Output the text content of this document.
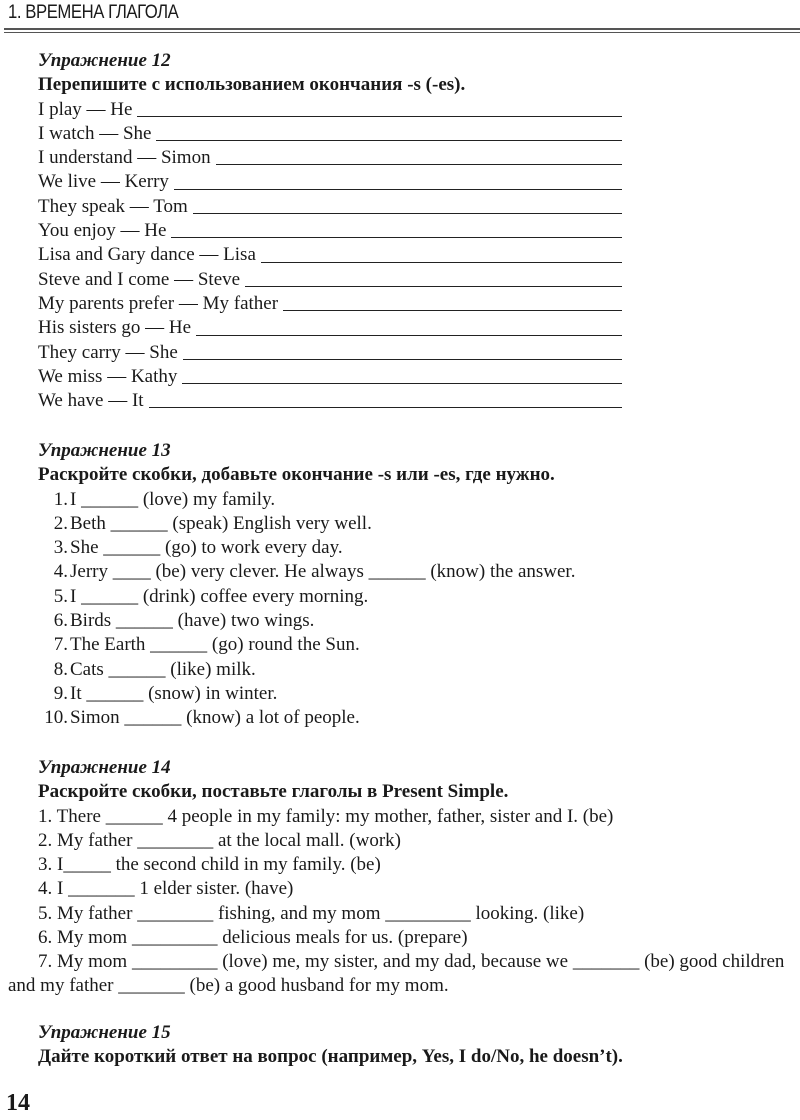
1. ВРЕМЕНА ГЛАГОЛА
Упражнение 12
Перепишите с использованием окончания -s (-es).
I play — He
I watch — She
I understand — Simon
We live — Kerry
They speak — Tom
You enjoy — He
Lisa and Gary dance — Lisa
Steve and I come — Steve
My parents prefer — My father
His sisters go — He
They carry — She
We miss — Kathy
We have — It
Упражнение 13
Раскройте скобки, добавьте окончание -s или -es, где нужно.
1. I ______ (love) my family.
2. Beth ______ (speak) English very well.
3. She ______ (go) to work every day.
4. Jerry ____ (be) very clever. He always ______ (know) the answer.
5. I ______ (drink) coffee every morning.
6. Birds ______ (have) two wings.
7. The Earth ______ (go) round the Sun.
8. Cats ______ (like) milk.
9. It ______ (snow) in winter.
10. Simon ______ (know) a lot of people.
Упражнение 14
Раскройте скобки, поставьте глаголы в Present Simple.
1. There ______ 4 people in my family: my mother, father, sister and I. (be)
2. My father ________ at the local mall. (work)
3. I_____ the second child in my family. (be)
4. I _______ 1 elder sister. (have)
5. My father ________ fishing, and my mom _________ looking. (like)
6. My mom _________ delicious meals for us. (prepare)
7. My mom _________ (love) me, my sister, and my dad, because we _______ (be) good children and my father _______ (be) a good husband for my mom.
Упражнение 15
Дайте короткий ответ на вопрос (например, Yes, I do/No, he doesn’t).
14
